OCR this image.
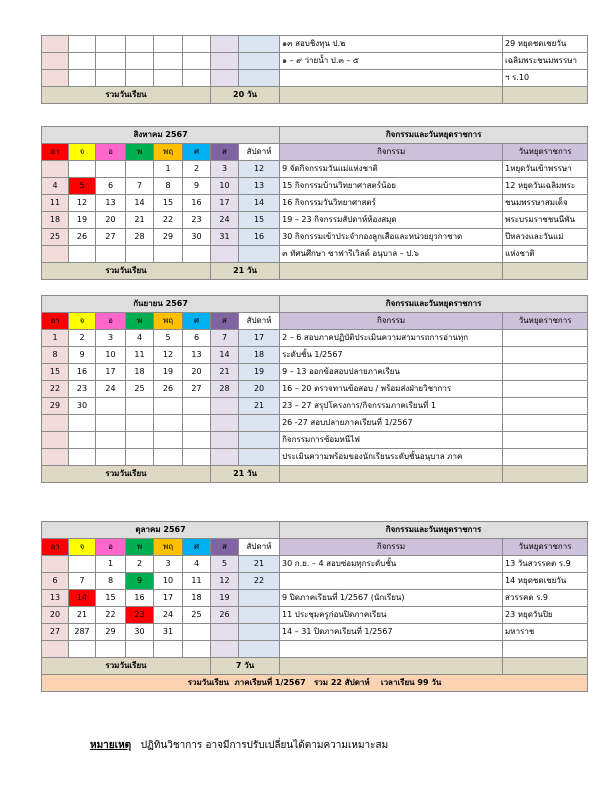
								๑๓ สอบชิงทุน ป.๒	29 หยุดชดเชยวัน
								๑ – ๙ ว่ายน้ำ ป.๓ – ๕	เฉลิมพระชนมพรรษา
									ฯ ร.10
รวมวันเรียน						20 วัน			
สิงหาคม 2567								กิจกรรมและวันหยุดราชการ	
อา	จ	อ	พ	พฤ	ศ	ส	สัปดาห์	กิจกรรม	วันหยุดราชการ
				1	2	3	12	9 จัดกิจกรรมวันแม่แห่งชาติ	1หยุดวันเข้าพรรษา
4	5	6	7	8	9	10	13	15 กิจกรรมบ้านวิทยาศาสตร์น้อย	12 หยุดวันเฉลิมพระ
11	12	13	14	15	16	17	14	16 กิจกรรมวันวิทยาศาสตร์	ชนมพรรษาสมเด็จ
18	19	20	21	22	23	24	15	19 – 23 กิจกรรมสัปดาห์ห้องสมุด	พระบรมราชชนนีพัน
25	26	27	28	29	30	31	16	30 กิจกรรมเข้าประจำกองลูกเสือและหน่วยยุวกาชาด	ปีหลวงและวันแม่
								๓ ทัศนศึกษา ซาฟารีเวิลด์ อนุบาล – ป.๖	แห่งชาติ
รวมวันเรียน						21 วัน			
กันยายน 2567								กิจกรรมและวันหยุดราชการ	
อา	จ	อ	พ	พฤ	ศ	ส	สัปดาห์	กิจกรรม	วันหยุดราชการ
1	2	3	4	5	6	7	17	2 – 6 สอบภาคปฏิบัติประเมินความสามารถการอ่านทุก	
8	9	10	11	12	13	14	18	ระดับชั้น 1/2567	
15	16	17	18	19	20	21	19	9 – 13 ออกข้อสอบปลายภาคเรียน	
22	23	24	25	26	27	28	20	16 – 20 ตรวจทานข้อสอบ / พร้อมส่งฝ่ายวิชาการ	
29	30						21	23 – 27 สรุปโครงการ/กิจกรรมภาคเรียนที่ 1	
								26 -27 สอบปลายภาคเรียนที่ 1/2567	
								กิจกรรมการซ้อมหนีไฟ	
								ประเมินความพร้อมของนักเรียนระดับชั้นอนุบาล ภาค	
รวมวันเรียน						21 วัน			
ตุลาคม 2567								กิจกรรมและวันหยุดราชการ	
อา	จ	อ	พ	พฤ	ศ	ส	สัปดาห์	กิจกรรม	วันหยุดราชการ
		1	2	3	4	5	21	30 ก.ย. – 4 สอบซ่อมทุกระดับชั้น	13 วันสวรรคต ร.9
6	7	8	9	10	11	12	22		14 หยุดชดเชยวัน
13	14	15	16	17	18	19		9 ปิดภาคเรียนที่ 1/2567 (นักเรียน)	สวรรคต ร.9
20	21	22	23	24	25	26		11 ประชุมครูก่อนปิดภาคเรียน	23 หยุดวันปิย
27	287	29	30	31				14 – 31 ปิดภาคเรียนที่ 1/2567	มหาราช

รวมวันเรียน						7 วัน			
รวมวันเรียน ภาคเรียนที่ 1/2567 รวม 22 สัปดาห์ เวลาเรียน 99 วัน									
หมายเหตุ ปฏิทินวิชาการ อาจมีการปรับเปลี่ยนได้ตามความเหมาะสม
